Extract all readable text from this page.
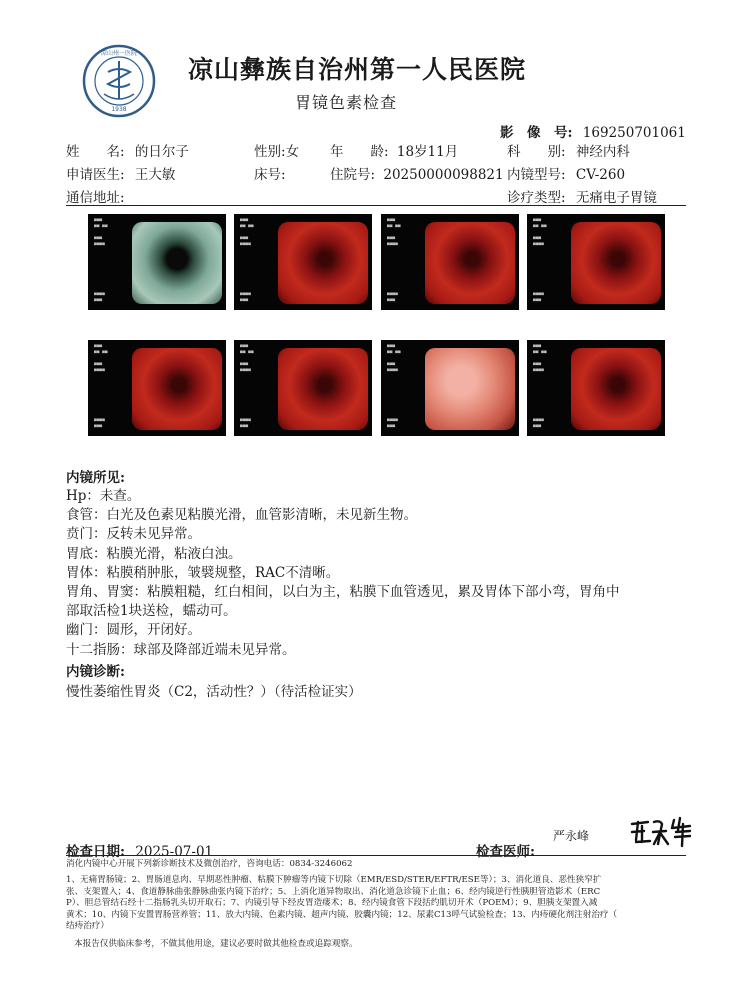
凉山州一医院
1938
凉山彝族自治州第一人民医院
胃镜色素检查
影　像　号: 169250701061
姓　　名: 的日尔子	性别:女 年　　龄: 18岁11月	科　　别: 神经内科
申请医生: 王大敏	床号:	住院号: 20250000098821 内镜型号: CV-260
通信地址:	诊疗类型: 无痛电子胃镜
■■■
■■ ■■

■■■
■■■■
■■■■
■■■
■■■
■■ ■■

■■■
■■■■
■■■■
■■■
■■■
■■ ■■

■■■
■■■■
■■■■
■■■
■■■
■■ ■■

■■■
■■■■
■■■■
■■■
■■■
■■ ■■

■■■
■■■■
■■■■
■■■
■■■
■■ ■■

■■■
■■■■
■■■■
■■■
■■■
■■ ■■

■■■
■■■■
■■■■
■■■
■■■
■■ ■■

■■■
■■■■
■■■■
■■■
内镜所见:
Hp：未查。
食管：白光及色素见粘膜光滑，血管影清晰，未见新生物。
贲门：反转未见异常。
胃底：粘膜光滑，粘液白浊。
胃体：粘膜稍肿胀，皱襞规整，RAC不清晰。
胃角、胃窦：粘膜粗糙，红白相间，以白为主，粘膜下血管透见，累及胃体下部小弯，胃角中
部取活检1块送检，蠕动可。
幽门：圆形，开闭好。
十二指肠：球部及降部近端未见异常。
内镜诊断:
慢性萎缩性胃炎（C2，活动性？）（待活检证实）
严永峰
检查日期: 2025-07-01	检查医师:
消化内镜中心开展下列新诊断技术及微创治疗，咨询电话：0834-3246062
1、无痛胃肠镜；2、胃肠道息肉、早期恶性肿瘤、粘膜下肿瘤等内镜下切除（EMR/ESD/STER/EFTR/ESE等）；3、消化道良、恶性狭窄扩
张、支架置入；4、食道静脉曲张静脉曲张内镜下治疗；5、上消化道异物取出、消化道急诊镜下止血；6、经内镜逆行性胰胆管造影术（ERC
P）、胆总管结石经十二指肠乳头切开取石；7、内镜引导下经皮胃造瘘术；8、经内镜食管下段括约肌切开术（POEM）；9、胆胰支架置入减
黄术；10、内镜下安置胃肠营养管；11、放大内镜、色素内镜、超声内镜、胶囊内镜；12、尿素C13呼气试验检查；13、内痔硬化剂注射治疗（
结痔治疗）
本报告仅供临床参考，不做其他用途，建议必要时做其他检查或追踪观察。
